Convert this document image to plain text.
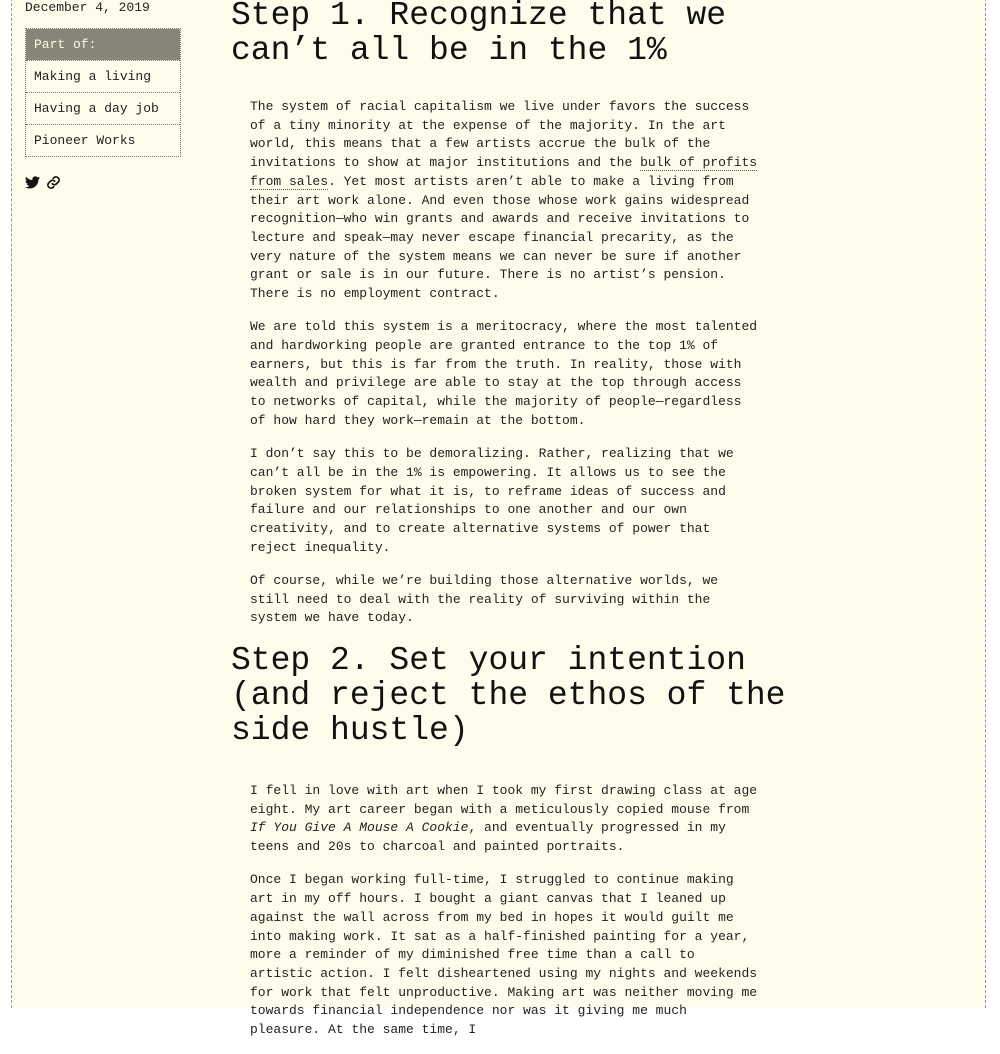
December 4, 2019
Part of:
Making a living
Having a day job
Pioneer Works
Step 1. Recognize that we
can’t all be in the 1%

The system of racial capitalism we live under favors the success of a tiny minority at the expense of the majority. In the art world, this means that a few artists accrue the bulk of the invitations to show at major institutions and the bulk of profits from sales. Yet most artists aren’t able to make a living from their art work alone. And even those whose work gains widespread recognition—who win grants and awards and receive invitations to lecture and speak—may never escape financial precarity, as the very nature of the system means we can never be sure if another grant or sale is in our future. There is no artist’s pension. There is no employment contract.

We are told this system is a meritocracy, where the most talented and hardworking people are granted entrance to the top 1% of earners, but this is far from the truth. In reality, those with wealth and privilege are able to stay at the top through access to networks of capital, while the majority of people—regardless of how hard they work—remain at the bottom.

I don’t say this to be demoralizing. Rather, realizing that we can’t all be in the 1% is empowering. It allows us to see the broken system for what it is, to reframe ideas of success and failure and our relationships to one another and our own creativity, and to create alternative systems of power that reject inequality.

Of course, while we’re building those alternative worlds, we still need to deal with the reality of surviving within the system we have today.

Step 2. Set your intention
(and reject the ethos of the
side hustle)

I fell in love with art when I took my first drawing class at age eight. My art career began with a meticulously copied mouse from If You Give A Mouse A Cookie, and eventually progressed in my teens and 20s to charcoal and painted portraits.

Once I began working full-time, I struggled to continue making art in my off hours. I bought a giant canvas that I leaned up against the wall across from my bed in hopes it would guilt me into making work. It sat as a half-finished painting for a year, more a reminder of my diminished free time than a call to artistic action. I felt disheartened using my nights and weekends for work that felt unproductive. Making art was neither moving me towards financial independence nor was it giving me much pleasure. At the same time, I
